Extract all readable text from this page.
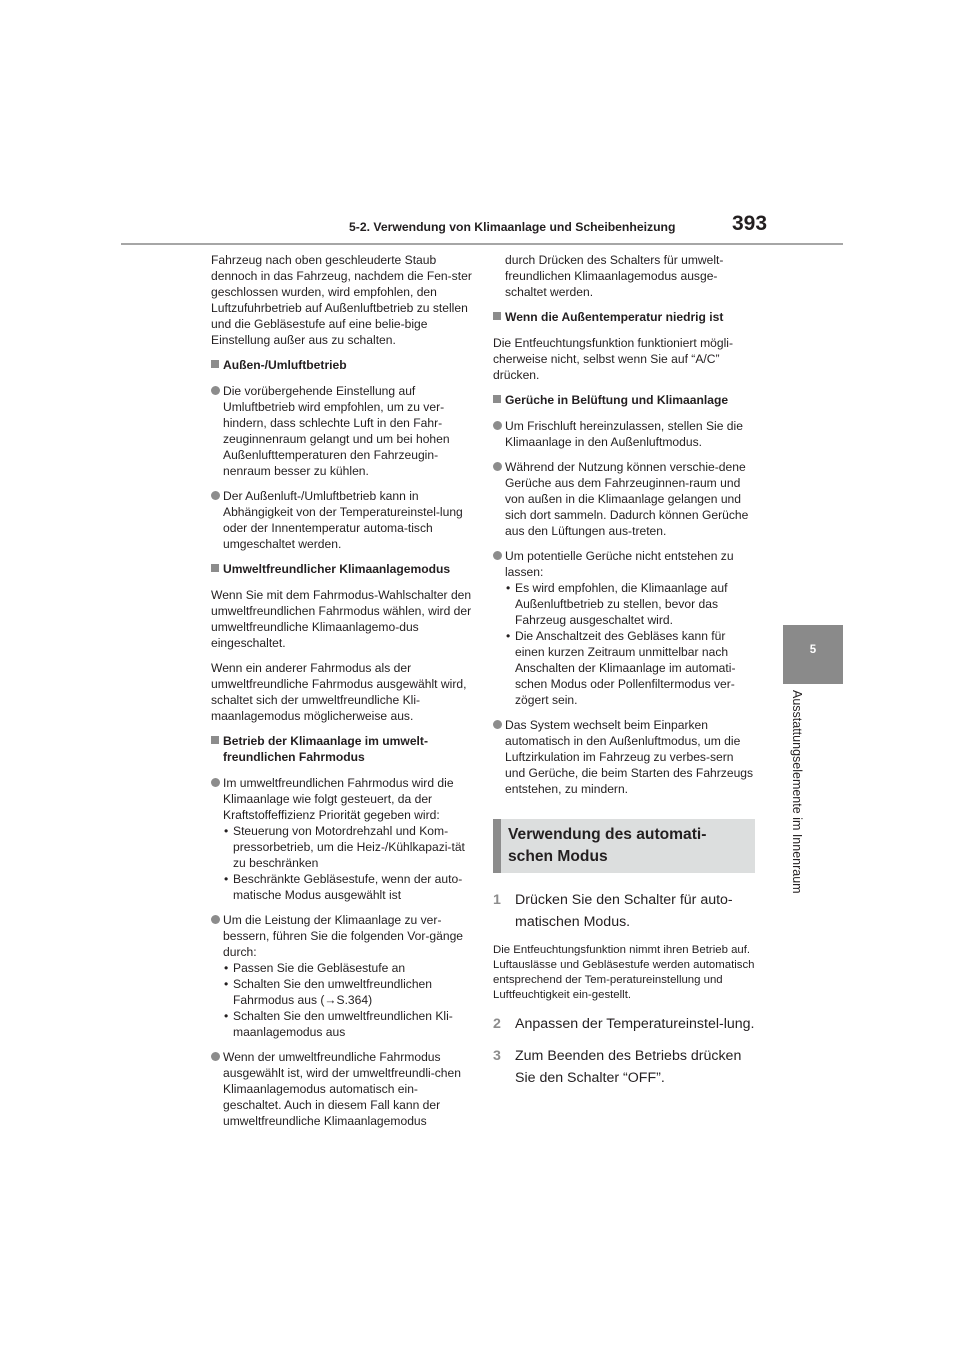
5-2. Verwendung von Klimaanlage und Scheibenheizung	393
5
Ausstattungselemente im Innenraum

Fahrzeug nach oben geschleuderte Staub dennoch in das Fahrzeug, nachdem die Fen-ster geschlossen wurden, wird empfohlen, den Luftzufuhrbetrieb auf Außenluftbetrieb zu stellen und die Gebläsestufe auf eine belie-bige Einstellung außer aus zu schalten.

Außen-/Umluftbetrieb
Die vorübergehende Einstellung auf Umluftbetrieb wird empfohlen, um zu ver-hindern, dass schlechte Luft in den Fahr-zeuginnenraum gelangt und um bei hohen Außenlufttemperaturen den Fahrzeugin-nenraum besser zu kühlen.
Der Außenluft-/Umluftbetrieb kann in Abhängigkeit von der Temperatureinstel-lung oder der Innentemperatur automa-tisch umgeschaltet werden.
Umweltfreundlicher Klimaanlagemodus

Wenn Sie mit dem Fahrmodus-Wahlschalter den umweltfreundlichen Fahrmodus wählen, wird der umweltfreundliche Klimaanlagemo-dus eingeschaltet.

Wenn ein anderer Fahrmodus als der umweltfreundliche Fahrmodus ausgewählt wird, schaltet sich der umweltfreundliche Kli-maanlagemodus möglicherweise aus.

Betrieb der Klimaanlage im umwelt-freundlichen Fahrmodus
Im umweltfreundlichen Fahrmodus wird die Klimaanlage wie folgt gesteuert, da der Kraftstoffeffizienz Priorität gegeben wird:
• Steuerung von Motordrehzahl und Kom-pressorbetrieb, um die Heiz-/Kühlkapazi-tät zu beschränken
• Beschränkte Gebläsestufe, wenn der auto-matische Modus ausgewählt ist
Um die Leistung der Klimaanlage zu ver-bessern, führen Sie die folgenden Vor-gänge durch:
• Passen Sie die Gebläsestufe an
• Schalten Sie den umweltfreundlichen Fahrmodus aus (→S.364)
• Schalten Sie den umweltfreundlichen Kli-maanlagemodus aus
Wenn der umweltfreundliche Fahrmodus ausgewählt ist, wird der umweltfreundli-chen Klimaanlagemodus automatisch ein-geschaltet. Auch in diesem Fall kann der umweltfreundliche Klimaanlagemodus

durch Drücken des Schalters für umwelt-freundlichen Klimaanlagemodus ausge-schaltet werden.

Wenn die Außentemperatur niedrig ist

Die Entfeuchtungsfunktion funktioniert mögli-cherweise nicht, selbst wenn Sie auf “A/C” drücken.

Gerüche in Belüftung und Klimaanlage
Um Frischluft hereinzulassen, stellen Sie die Klimaanlage in den Außenluftmodus.
Während der Nutzung können verschie-dene Gerüche aus dem Fahrzeuginnen-raum und von außen in die Klimaanlage gelangen und sich dort sammeln. Dadurch können Gerüche aus den Lüftungen aus-treten.
Um potentielle Gerüche nicht entstehen zu lassen:
• Es wird empfohlen, die Klimaanlage auf Außenluftbetrieb zu stellen, bevor das Fahrzeug ausgeschaltet wird.
• Die Anschaltzeit des Gebläses kann für einen kurzen Zeitraum unmittelbar nach Anschalten der Klimaanlage im automati-schen Modus oder Pollenfiltermodus ver-zögert sein.
Das System wechselt beim Einparken automatisch in den Außenluftmodus, um die Luftzirkulation im Fahrzeug zu verbes-sern und Gerüche, die beim Starten des Fahrzeugs entstehen, zu mindern.
Verwendung des automati-
schen Modus
1 Drücken Sie den Schalter für auto-matischen Modus.

Die Entfeuchtungsfunktion nimmt ihren Betrieb auf. Luftauslässe und Gebläsestufe werden automatisch entsprechend der Tem-peratureinstellung und Luftfeuchtigkeit ein-gestellt.

2 Anpassen der Temperatureinstel-lung.
3 Zum Beenden des Betriebs drücken Sie den Schalter “OFF”.
